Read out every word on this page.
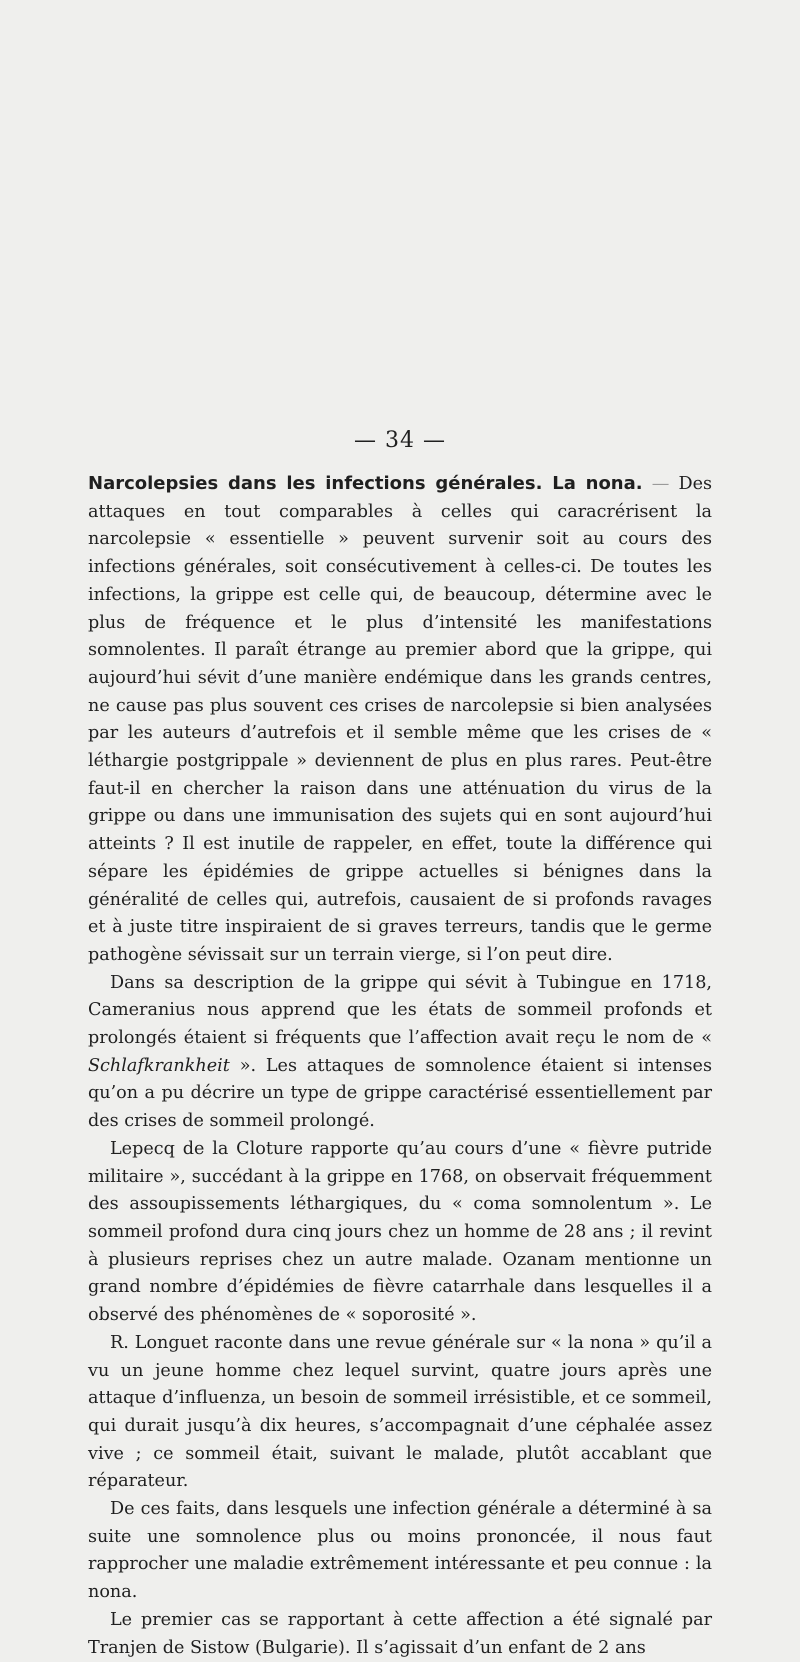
— 34 —

Narcolepsies dans les infections générales. La nona. — Des attaques en tout comparables à celles qui caracrérisent la narcolepsie « essentielle » peuvent survenir soit au cours des infections générales, soit consécutivement à celles-ci. De toutes les infections, la grippe est celle qui, de beaucoup, détermine avec le plus de fréquence et le plus d’intensité les manifestations somnolentes. Il paraît étrange au premier abord que la grippe, qui aujourd’hui sévit d’une manière endémique dans les grands centres, ne cause pas plus souvent ces crises de narcolepsie si bien analysées par les auteurs d’autrefois et il semble même que les crises de « léthargie postgrippale » deviennent de plus en plus rares. Peut-être faut-il en chercher la raison dans une atténuation du virus de la grippe ou dans une immunisation des sujets qui en sont aujourd’hui atteints ? Il est inutile de rappeler, en effet, toute la différence qui sépare les épidémies de grippe actuelles si bénignes dans la généralité de celles qui, autrefois, causaient de si profonds ravages et à juste titre inspiraient de si graves terreurs, tandis que le germe pathogène sévissait sur un terrain vierge, si l’on peut dire.

Dans sa description de la grippe qui sévit à Tubingue en 1718, Cameranius nous apprend que les états de sommeil profonds et prolongés étaient si fréquents que l’affection avait reçu le nom de « Schlafkrankheit ». Les attaques de somnolence étaient si intenses qu’on a pu décrire un type de grippe caractérisé essentiellement par des crises de sommeil prolongé.

Lepecq de la Cloture rapporte qu’au cours d’une « fièvre putride militaire », succédant à la grippe en 1768, on observait fréquemment des assoupissements léthargiques, du « coma somnolentum ». Le sommeil profond dura cinq jours chez un homme de 28 ans ; il revint à plusieurs reprises chez un autre malade. Ozanam mentionne un grand nombre d’épidémies de fièvre catarrhale dans lesquelles il a observé des phénomènes de « soporosité ».

R. Longuet raconte dans une revue générale sur « la nona » qu’il a vu un jeune homme chez lequel survint, quatre jours après une attaque d’influenza, un besoin de sommeil irrésistible, et ce sommeil, qui durait jusqu’à dix heures, s’accompagnait d’une céphalée assez vive ; ce sommeil était, suivant le malade, plutôt accablant que réparateur.

De ces faits, dans lesquels une infection générale a déterminé à sa suite une somnolence plus ou moins prononcée, il nous faut rapprocher une maladie extrêmement intéressante et peu connue : la nona.

Le premier cas se rapportant à cette affection a été signalé par Tranjen de Sistow (Bulgarie). Il s’agissait d’un enfant de 2 ans
